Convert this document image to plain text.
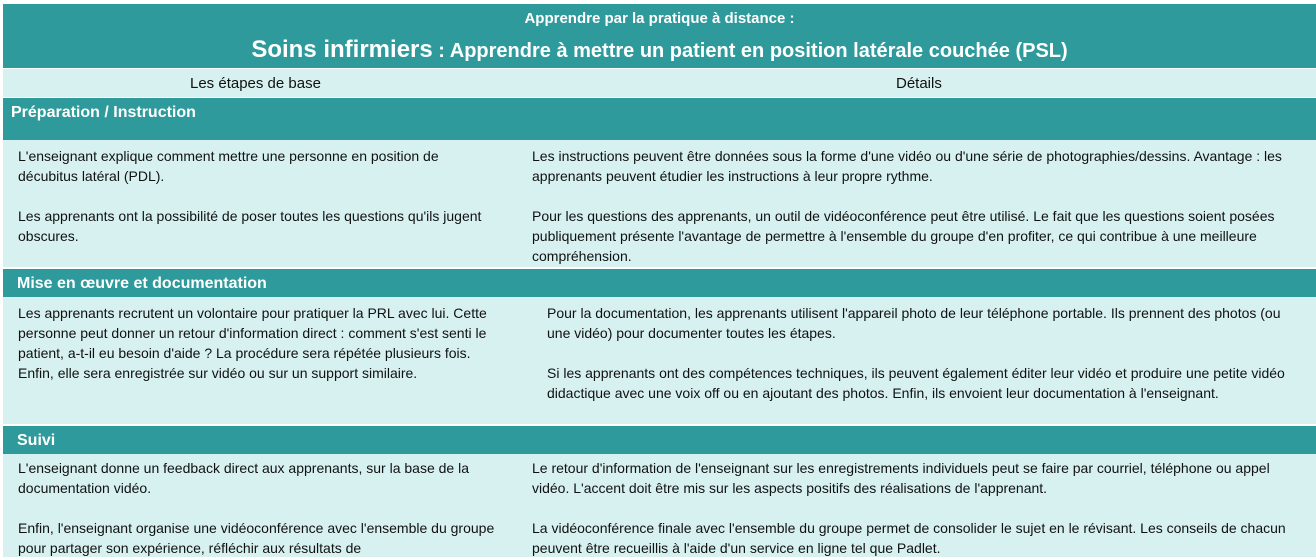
Apprendre par la pratique à distance :
Soins infirmiers : Apprendre à mettre un patient en position latérale couchée (PSL)
Les étapes de base	Détails
Préparation / Instruction
L'enseignant explique comment mettre une personne en position de décubitus latéral (PDL).
Les apprenants ont la possibilité de poser toutes les questions qu'ils jugent obscures.
Les instructions peuvent être données sous la forme d'une vidéo ou d'une série de photographies/dessins. Avantage : les apprenants peuvent étudier les instructions à leur propre rythme.
Pour les questions des apprenants, un outil de vidéoconférence peut être utilisé. Le fait que les questions soient posées publiquement présente l'avantage de permettre à l'ensemble du groupe d'en profiter, ce qui contribue à une meilleure compréhension.
Mise en œuvre et documentation
Les apprenants recrutent un volontaire pour pratiquer la PRL avec lui. Cette personne peut donner un retour d'information direct : comment s'est senti le patient, a-t-il eu besoin d'aide ? La procédure sera répétée plusieurs fois. Enfin, elle sera enregistrée sur vidéo ou sur un support similaire.
Pour la documentation, les apprenants utilisent l'appareil photo de leur téléphone portable. Ils prennent des photos (ou une vidéo) pour documenter toutes les étapes.
Si les apprenants ont des compétences techniques, ils peuvent également éditer leur vidéo et produire une petite vidéo didactique avec une voix off ou en ajoutant des photos. Enfin, ils envoient leur documentation à l'enseignant.
Suivi
L'enseignant donne un feedback direct aux apprenants, sur la base de la documentation vidéo.
Enfin, l'enseignant organise une vidéoconférence avec l'ensemble du groupe pour partager son expérience, réfléchir aux résultats de
Le retour d'information de l'enseignant sur les enregistrements individuels peut se faire par courriel, téléphone ou appel vidéo. L'accent doit être mis sur les aspects positifs des réalisations de l'apprenant.
La vidéoconférence finale avec l'ensemble du groupe permet de consolider le sujet en le révisant. Les conseils de chacun peuvent être recueillis à l'aide d'un service en ligne tel que Padlet.
